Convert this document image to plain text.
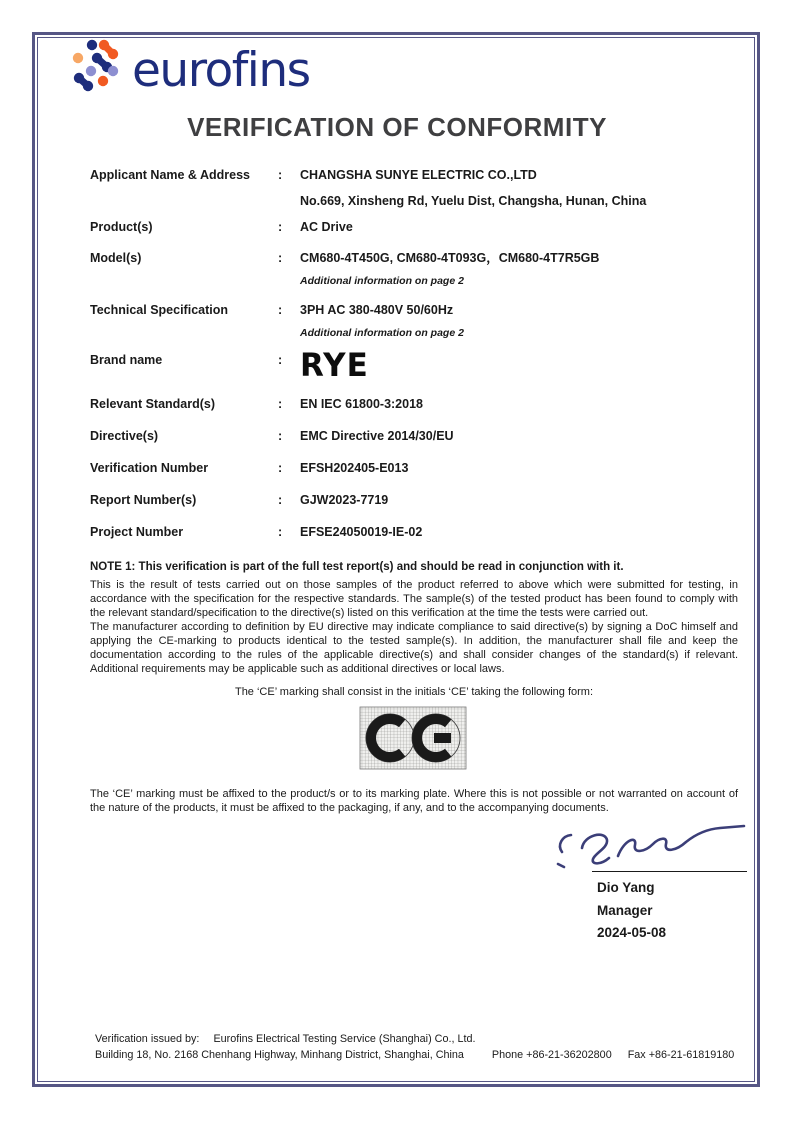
eurofins
VERIFICATION OF CONFORMITY
Applicant Name & Address	:	CHANGSHA SUNYE ELECTRIC CO.,LTD
No.669, Xinsheng Rd, Yuelu Dist, Changsha, Hunan, China
Product(s)	:	AC Drive
Model(s)	:	CM680-4T450G, CM680-4T093G，CM680-4T7R5GB
Additional information on page 2
Technical Specification	:	3PH AC 380-480V 50/60Hz
Additional information on page 2
Brand name	: RYE
Relevant Standard(s)	:	EN IEC 61800-3:2018
Directive(s)	:	EMC Directive 2014/30/EU
Verification Number	:	EFSH202405-E013
Report Number(s)	:	GJW2023-7719
Project Number	:	EFSE24050019-IE-02
NOTE 1: This verification is part of the full test report(s) and should be read in conjunction with it.

This is the result of tests carried out on those samples of the product referred to above which were submitted for testing, in accordance with the specification for the respective standards. The sample(s) of the tested product has been found to comply with the relevant standard/specification to the directive(s) listed on this verification at the time the tests were carried out.

The manufacturer according to definition by EU directive may indicate compliance to said directive(s) by signing a DoC himself and applying the CE-marking to products identical to the tested sample(s). In addition, the manufacturer shall file and keep the documentation according to the rules of the applicable directive(s) and shall consider changes of the standard(s) if relevant. Additional requirements may be applicable such as additional directives or local laws.

The ‘CE’ marking shall consist in the initials ‘CE’ taking the following form:

The ‘CE’ marking must be affixed to the product/s or to its marking plate. Where this is not possible or not warranted on account of the nature of the products, it must be affixed to the packaging, if any, and to the accompanying documents.

Dio Yang
Manager
2024-05-08
Verification issued by: Eurofins Electrical Testing Service (Shanghai) Co., Ltd.
Building 18, No. 2168 Chenhang Highway, Minhang District, Shanghai, China	Phone +86-21-36202800 Fax +86-21-61819180
